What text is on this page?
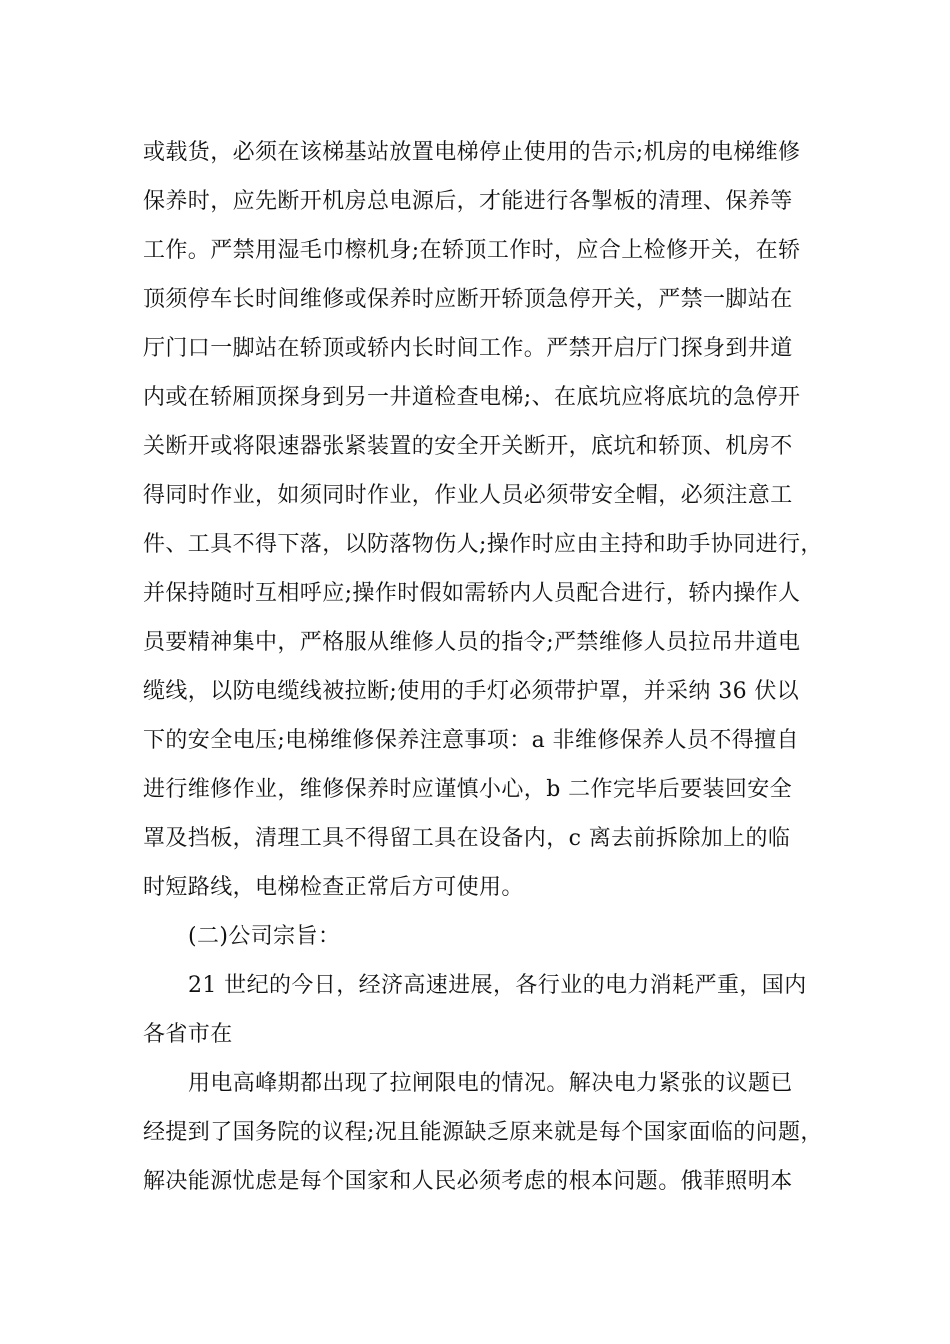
或载货，必须在该梯基站放置电梯停止使用的告示;机房的电梯维修
保养时，应先断开机房总电源后，才能进行各掣板的清理、保养等
工作。严禁用湿毛巾檫机身;在轿顶工作时，应合上检修开关，在轿
顶须停车长时间维修或保养时应断开轿顶急停开关，严禁一脚站在
厅门口一脚站在轿顶或轿内长时间工作。严禁开启厅门探身到井道
内或在轿厢顶探身到另一井道检查电梯;、在底坑应将底坑的急停开
关断开或将限速器张紧装置的安全开关断开，底坑和轿顶、机房不
得同时作业，如须同时作业，作业人员必须带安全帽，必须注意工
件、工具不得下落，以防落物伤人;操作时应由主持和助手协同进行，
并保持随时互相呼应;操作时假如需轿内人员配合进行，轿内操作人
员要精神集中，严格服从维修人员的指令;严禁维修人员拉吊井道电
缆线，以防电缆线被拉断;使用的手灯必须带护罩，并采纳 36 伏以
下的安全电压;电梯维修保养注意事项：a 非维修保养人员不得擅自
进行维修作业，维修保养时应谨慎小心，b 二作完毕后要装回安全
罩及挡板，清理工具不得留工具在设备内，c 离去前拆除加上的临
时短路线，电梯检查正常后方可使用。
(二)公司宗旨：
21 世纪的今日，经济高速进展，各行业的电力消耗严重，国内
各省市在
用电高峰期都出现了拉闸限电的情况。解决电力紧张的议题已
经提到了国务院的议程;况且能源缺乏原来就是每个国家面临的问题，
解决能源忧虑是每个国家和人民必须考虑的根本问题。俄菲照明本
